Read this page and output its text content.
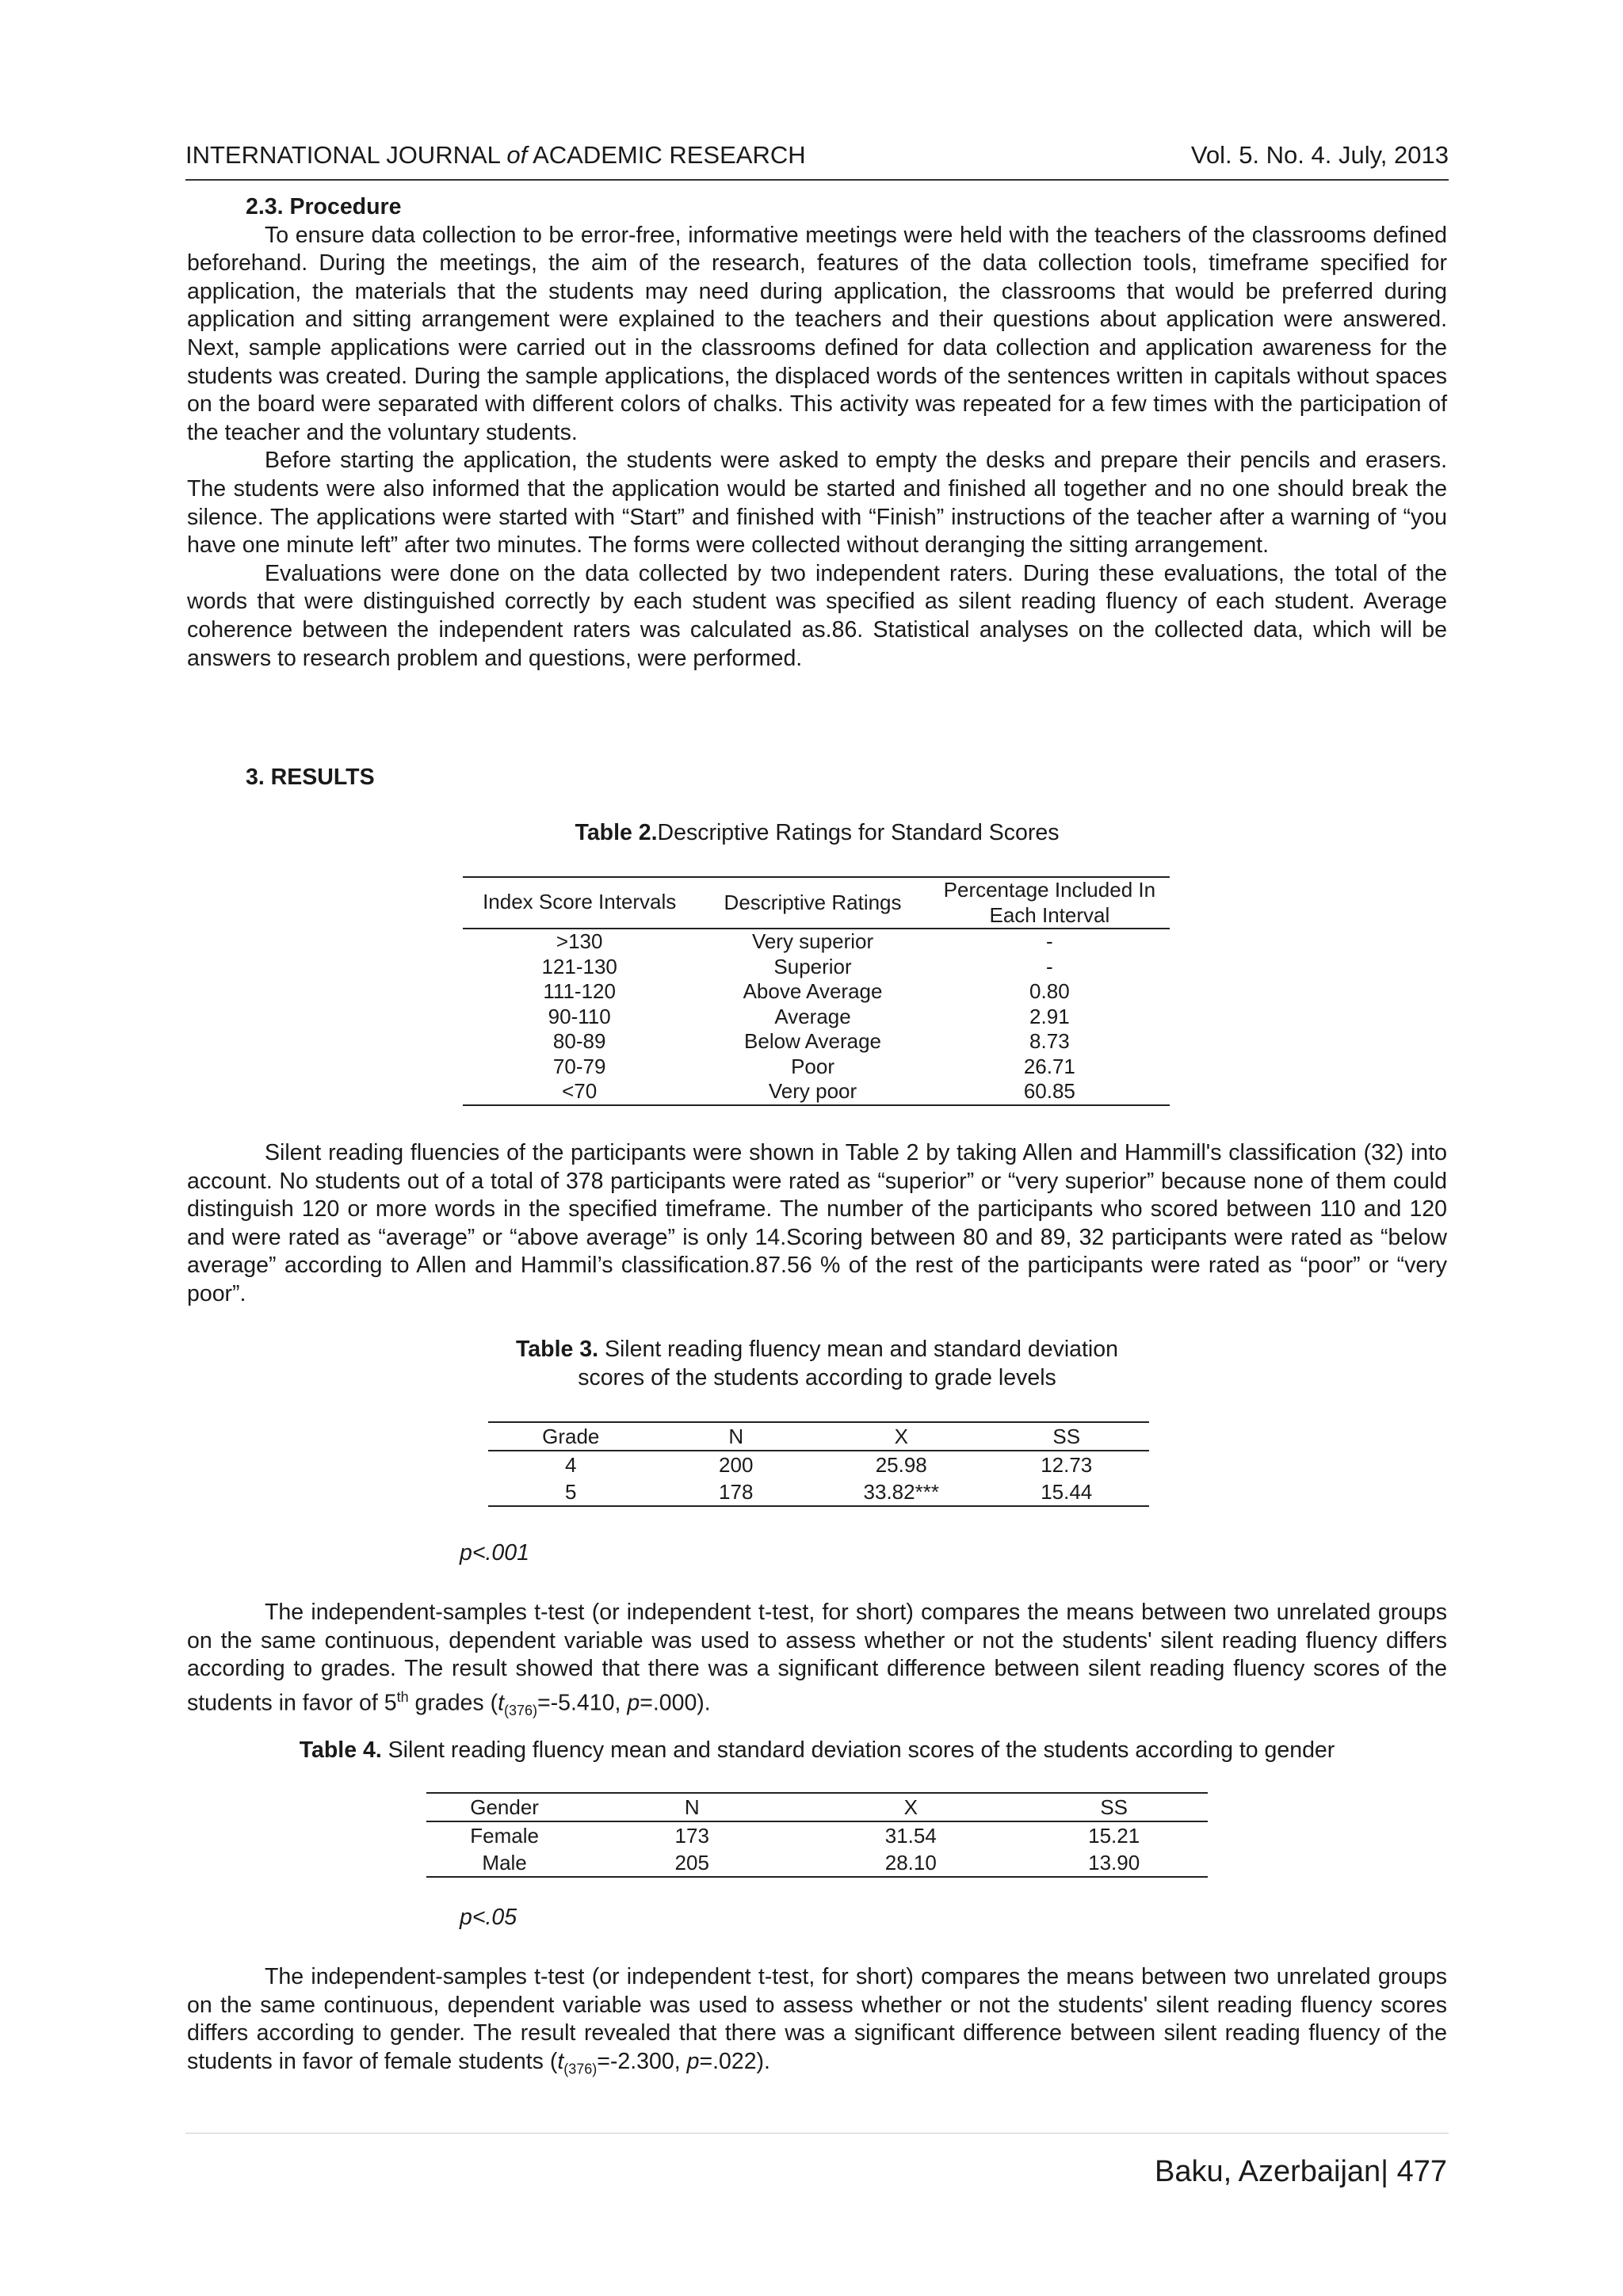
INTERNATIONAL JOURNAL of ACADEMIC RESEARCH	Vol. 5. No. 4. July, 2013
2.3. Procedure
To ensure data collection to be error-free, informative meetings were held with the teachers of the classrooms defined beforehand. During the meetings, the aim of the research, features of the data collection tools, timeframe specified for application, the materials that the students may need during application, the classrooms that would be preferred during application and sitting arrangement were explained to the teachers and their questions about application were answered. Next, sample applications were carried out in the classrooms defined for data collection and application awareness for the students was created. During the sample applications, the displaced words of the sentences written in capitals without spaces on the board were separated with different colors of chalks. This activity was repeated for a few times with the participation of the teacher and the voluntary students.
Before starting the application, the students were asked to empty the desks and prepare their pencils and erasers. The students were also informed that the application would be started and finished all together and no one should break the silence. The applications were started with “Start” and finished with “Finish” instructions of the teacher after a warning of “you have one minute left” after two minutes. The forms were collected without deranging the sitting arrangement.
Evaluations were done on the data collected by two independent raters. During these evaluations, the total of the words that were distinguished correctly by each student was specified as silent reading fluency of each student. Average coherence between the independent raters was calculated as.86. Statistical analyses on the collected data, which will be answers to research problem and questions, were performed.
3. RESULTS
Table 2.Descriptive Ratings for Standard Scores
Index Score Intervals	Descriptive Ratings	Percentage Included In Each Interval
>130	Very superior	-
121-130	Superior	-
111-120	Above Average	0.80
90-110	Average	2.91
80-89	Below Average	8.73
70-79	Poor	26.71
<70	Very poor	60.85
Silent reading fluencies of the participants were shown in Table 2 by taking Allen and Hammill's classification (32) into account. No students out of a total of 378 participants were rated as “superior” or “very superior” because none of them could distinguish 120 or more words in the specified timeframe. The number of the participants who scored between 110 and 120 and were rated as “average” or “above average” is only 14.Scoring between 80 and 89, 32 participants were rated as “below average” according to Allen and Hammil’s classification.87.56 % of the rest of the participants were rated as “poor” or “very poor”.
Table 3. Silent reading fluency mean and standard deviation
scores of the students according to grade levels
Grade	N	X	SS
4	200	25.98	12.73
5	178	33.82***	15.44
p<.001
The independent-samples t-test (or independent t-test, for short) compares the means between two unrelated groups on the same continuous, dependent variable was used to assess whether or not the students' silent reading fluency differs according to grades. The result showed that there was a significant difference between silent reading fluency scores of the students in favor of 5th grades ($t_{(376)}=-5.410$, p=.000).
Table 4. Silent reading fluency mean and standard deviation scores of the students according to gender
Gender	N	X	SS
Female	173	31.54	15.21
Male	205	28.10	13.90
p<.05
The independent-samples t-test (or independent t-test, for short) compares the means between two unrelated groups on the same continuous, dependent variable was used to assess whether or not the students' silent reading fluency scores differs according to gender. The result revealed that there was a significant difference between silent reading fluency of the students in favor of female students ($t_{(376)}=-2.300$, p=.022).
Baku, Azerbaijan| 477
